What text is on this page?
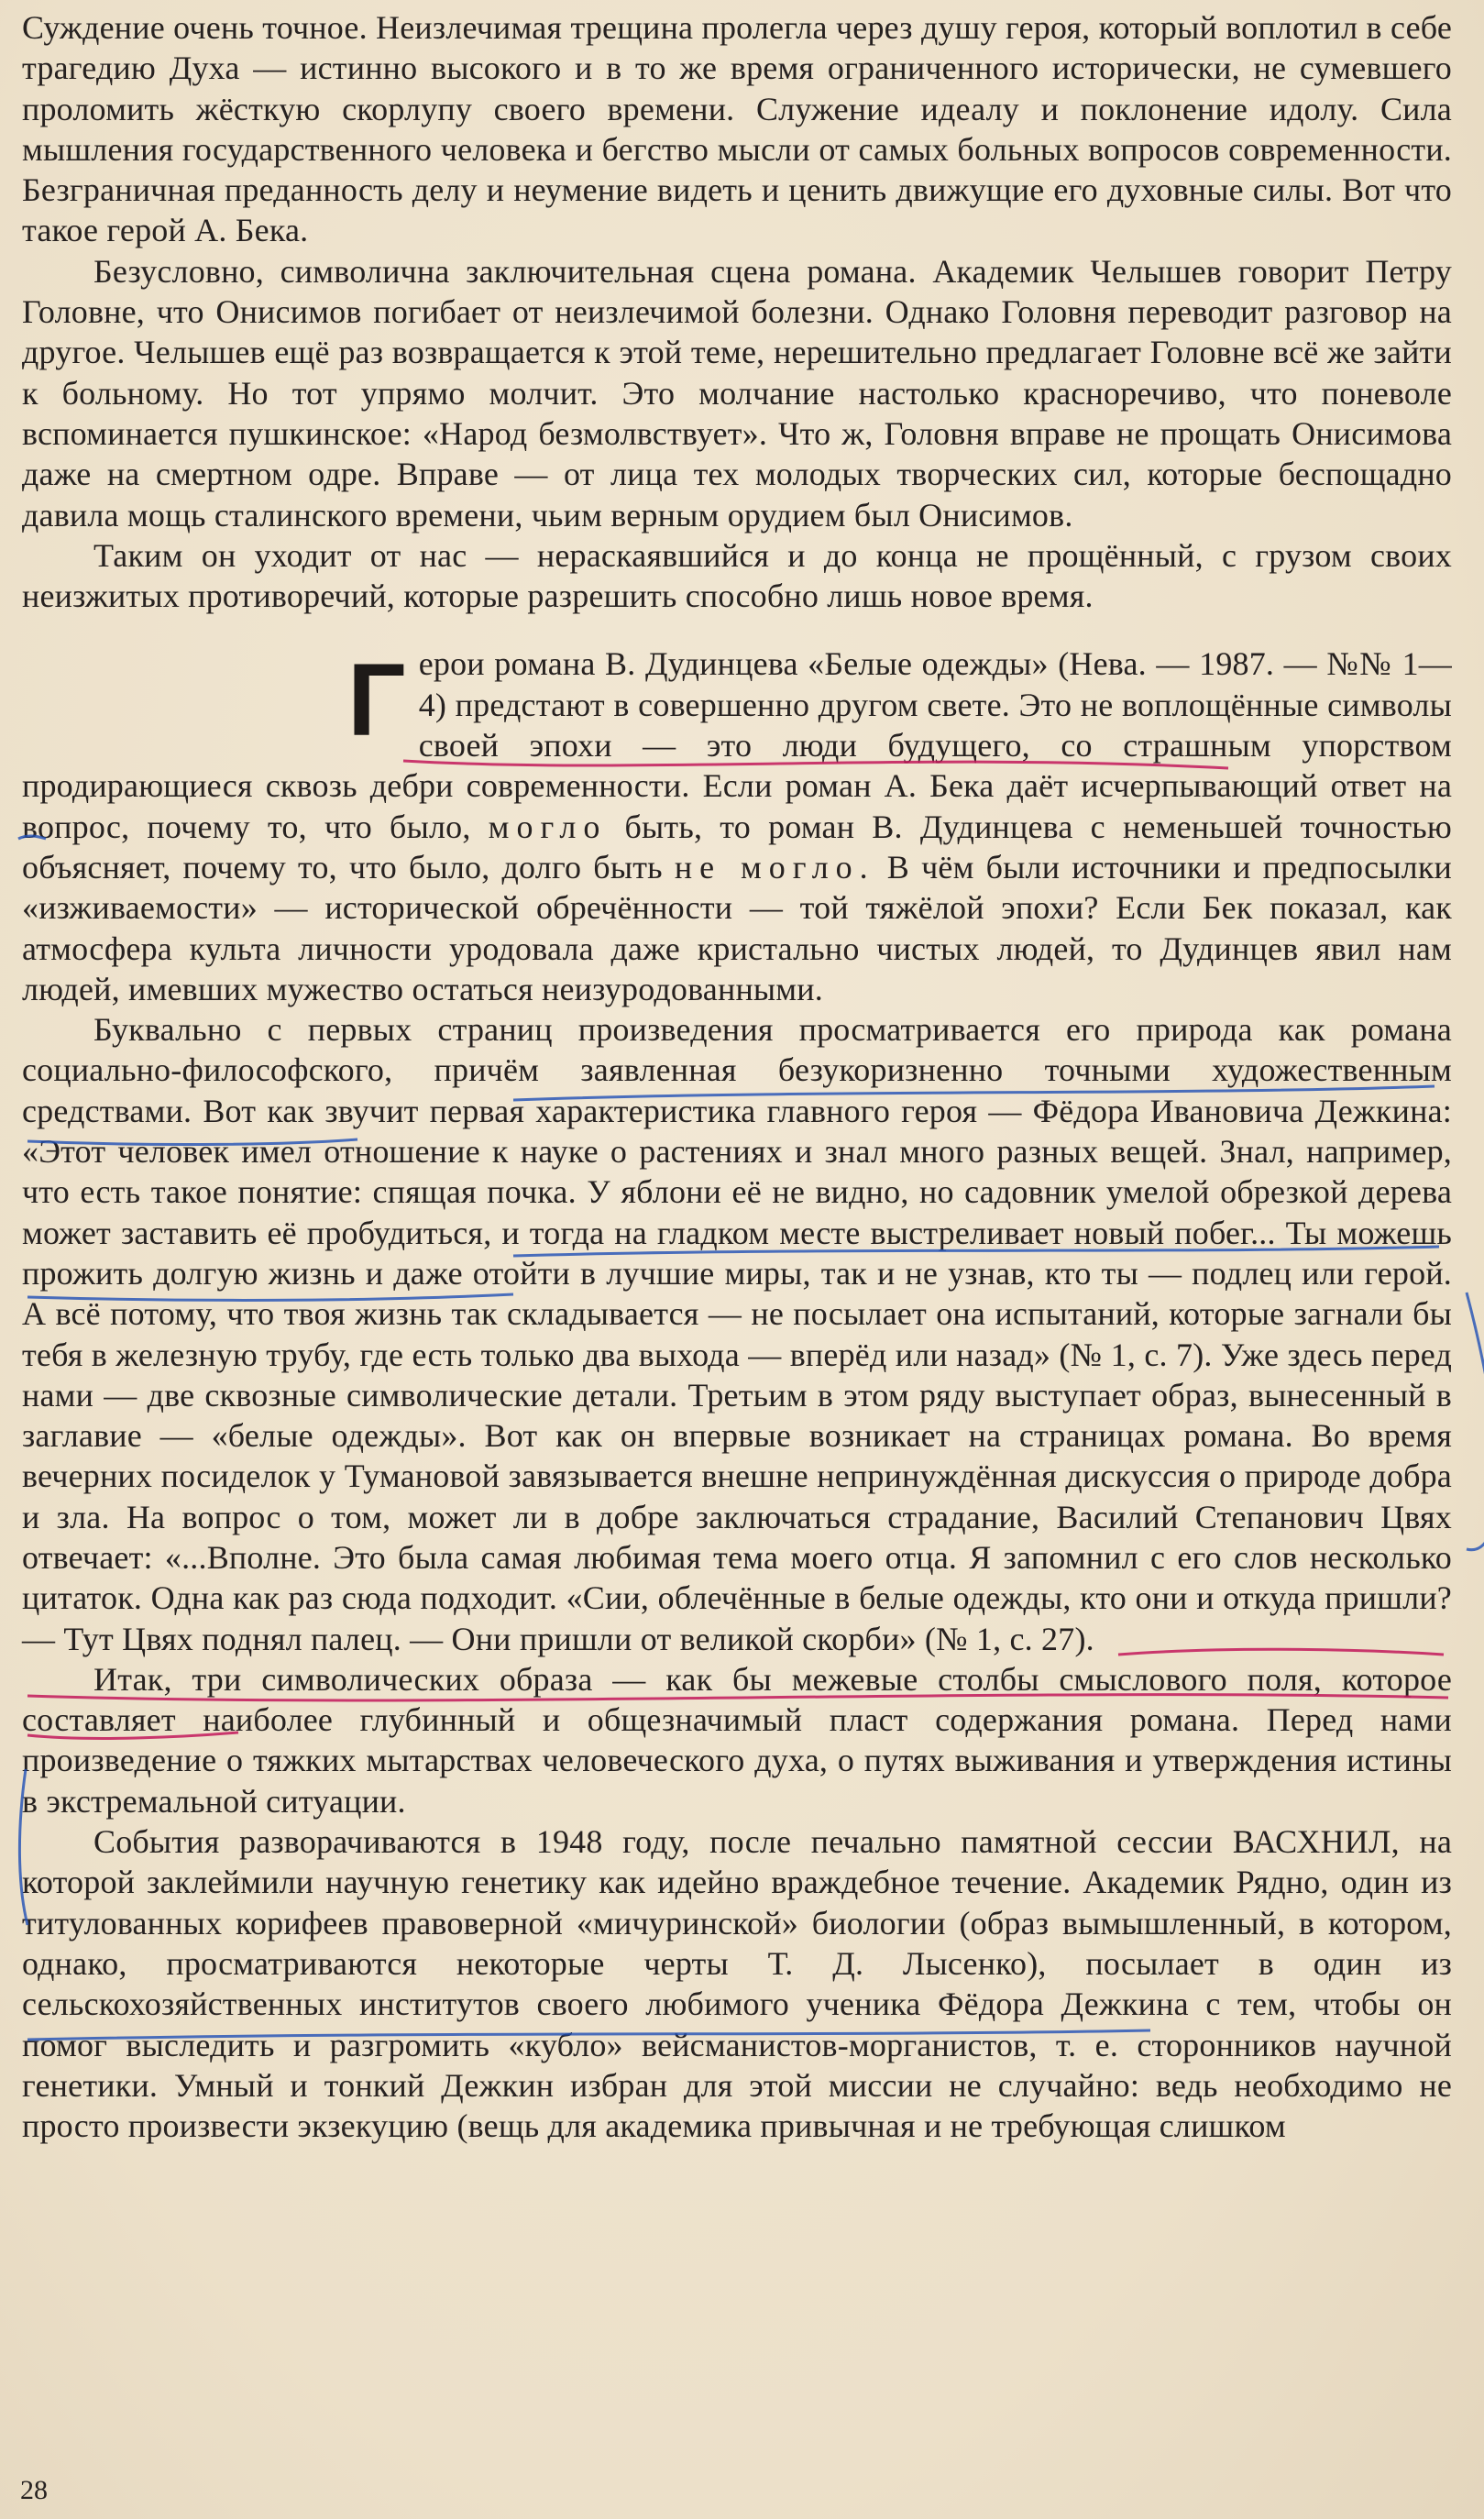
Суждение очень точное. Неизлечимая трещина пролегла через душу героя, который воплотил в себе трагедию Духа — истинно высокого и в то же время ограниченного исторически, не сумевшего проломить жёсткую скорлупу своего времени. Служение идеалу и поклонение идолу. Сила мышления государственного человека и бегство мысли от самых больных вопросов современности. Безграничная преданность делу и неумение видеть и ценить движущие его духовные силы. Вот что такое герой А. Бека.

Безусловно, символична заключительная сцена романа. Академик Челышев говорит Петру Головне, что Онисимов погибает от неизлечимой болезни. Однако Головня переводит разговор на другое. Челышев ещё раз возвращается к этой теме, нерешительно предлагает Головне всё же зайти к больному. Но тот упрямо молчит. Это молчание настолько красноречиво, что поневоле вспоминается пушкинское: «Народ безмолвствует». Что ж, Головня вправе не прощать Онисимова даже на смертном одре. Вправе — от лица тех молодых творческих сил, которые беспощадно давила мощь сталинского времени, чьим верным орудием был Онисимов.

Таким он уходит от нас — нераскаявшийся и до конца не прощённый, с грузом своих неизжитых противоречий, которые разрешить способно лишь новое время.

Герои романа В. Дудинцева «Белые одежды» (Нева. — 1987. — №№ 1—4) предстают в совершенно другом свете. Это не воплощённые символы своей эпохи — это люди будущего, со страшным упорством продирающиеся сквозь дебри современности. Если роман А. Бека даёт исчерпывающий ответ на вопрос, почему то, что было, могло быть, то роман В. Дудинцева с неменьшей точностью объясняет, почему то, что было, долго быть не могло. В чём были источники и предпосылки «изживаемости» — исторической обречённости — той тяжёлой эпохи? Если Бек показал, как атмосфера культа личности уродовала даже кристально чистых людей, то Дудинцев явил нам людей, имевших мужество остаться неизуродованными.

Буквально с первых страниц произведения просматривается его природа как романа социально-философского, причём заявленная безукоризненно точными художественным средствами. Вот как звучит первая характеристика главного героя — Фёдора Ивановича Дежкина: «Этот человек имел отношение к науке о растениях и знал много разных вещей. Знал, например, что есть такое понятие: спящая почка. У яблони её не видно, но садовник умелой обрезкой дерева может заставить её пробудиться, и тогда на гладком месте выстреливает новый побег... Ты можешь прожить долгую жизнь и даже отойти в лучшие миры, так и не узнав, кто ты — подлец или герой. А всё потому, что твоя жизнь так складывается — не посылает она испытаний, которые загнали бы тебя в железную трубу, где есть только два выхода — вперёд или назад» (№ 1, с. 7). Уже здесь перед нами — две сквозные символические детали. Третьим в этом ряду выступает образ, вынесенный в заглавие — «белые одежды». Вот как он впервые возникает на страницах романа. Во время вечерних посиделок у Тумановой завязывается внешне непринуждённая дискуссия о природе добра и зла. На вопрос о том, может ли в добре заключаться страдание, Василий Степанович Цвях отвечает: «...Вполне. Это была самая любимая тема моего отца. Я запомнил с его слов несколько цитаток. Одна как раз сюда подходит. «Сии, облечённые в белые одежды, кто они и откуда пришли? — Тут Цвях поднял палец. — Они пришли от великой скорби» (№ 1, с. 27).

Итак, три символических образа — как бы межевые столбы смыслового поля, которое составляет наиболее глубинный и общезначимый пласт содержания романа. Перед нами произведение о тяжких мытарствах человеческого духа, о путях выживания и утверждения истины в экстремальной ситуации.

События разворачиваются в 1948 году, после печально памятной сессии ВАСХНИЛ, на которой заклеймили научную генетику как идейно враждебное течение. Академик Рядно, один из титулованных корифеев правоверной «мичуринской» биологии (образ вымышленный, в котором, однако, просматриваются некоторые черты Т. Д. Лысенко), посылает в один из сельскохозяйственных институтов своего любимого ученика Фёдора Дежкина с тем, чтобы он помог выследить и разгромить «кубло» вейсманистов-морганистов, т. е. сторонников научной генетики. Умный и тонкий Дежкин избран для этой миссии не случайно: ведь необходимо не просто произвести экзекуцию (вещь для академика привычная и не требующая слишком

28
